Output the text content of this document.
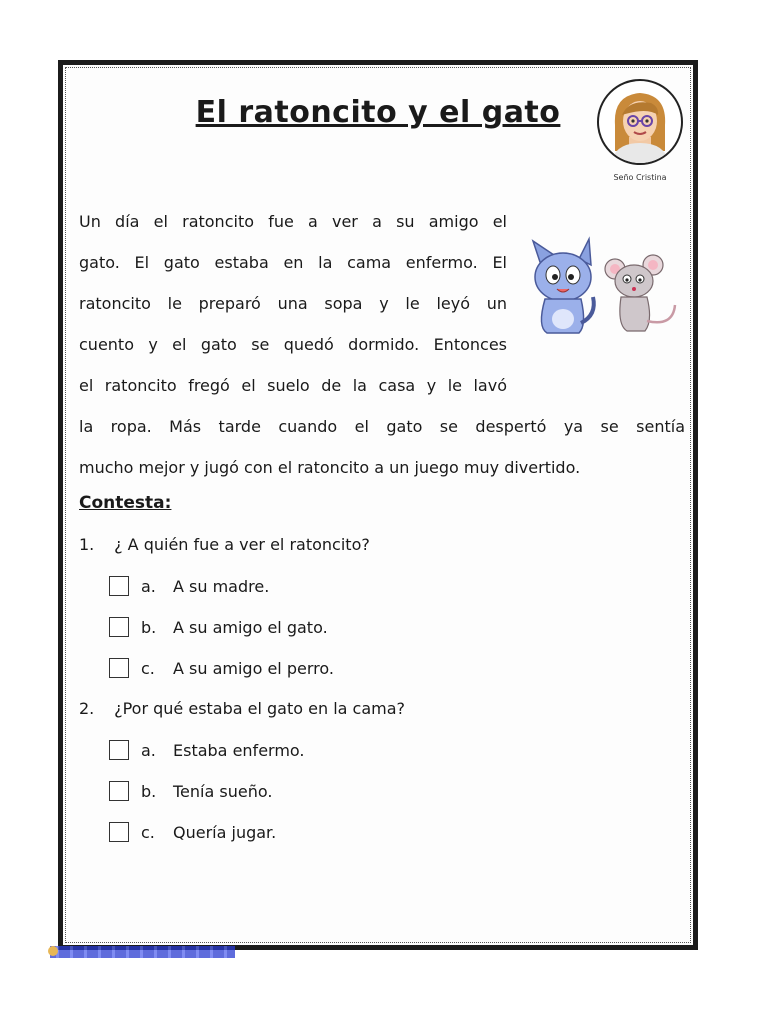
El ratoncito y el gato
Seño Cristina
Un día el ratoncito fue a ver a su amigo el
gato. El gato estaba en la cama enfermo. El
ratoncito le preparó una sopa y le leyó un
cuento y el gato se quedó dormido. Entonces
el ratoncito fregó el suelo de la casa y le lavó
la ropa. Más tarde cuando el gato se despertó ya se sentía
mucho mejor y jugó con el ratoncito a un juego muy divertido.
Contesta:
1. ¿ A quién fue a ver el ratoncito?
a.	A su madre.
b.	A su amigo el gato.
c.	A su amigo el perro.
2. ¿Por qué estaba el gato en la cama?
a.	Estaba enfermo.
b.	Tenía sueño.
c.	Quería jugar.
